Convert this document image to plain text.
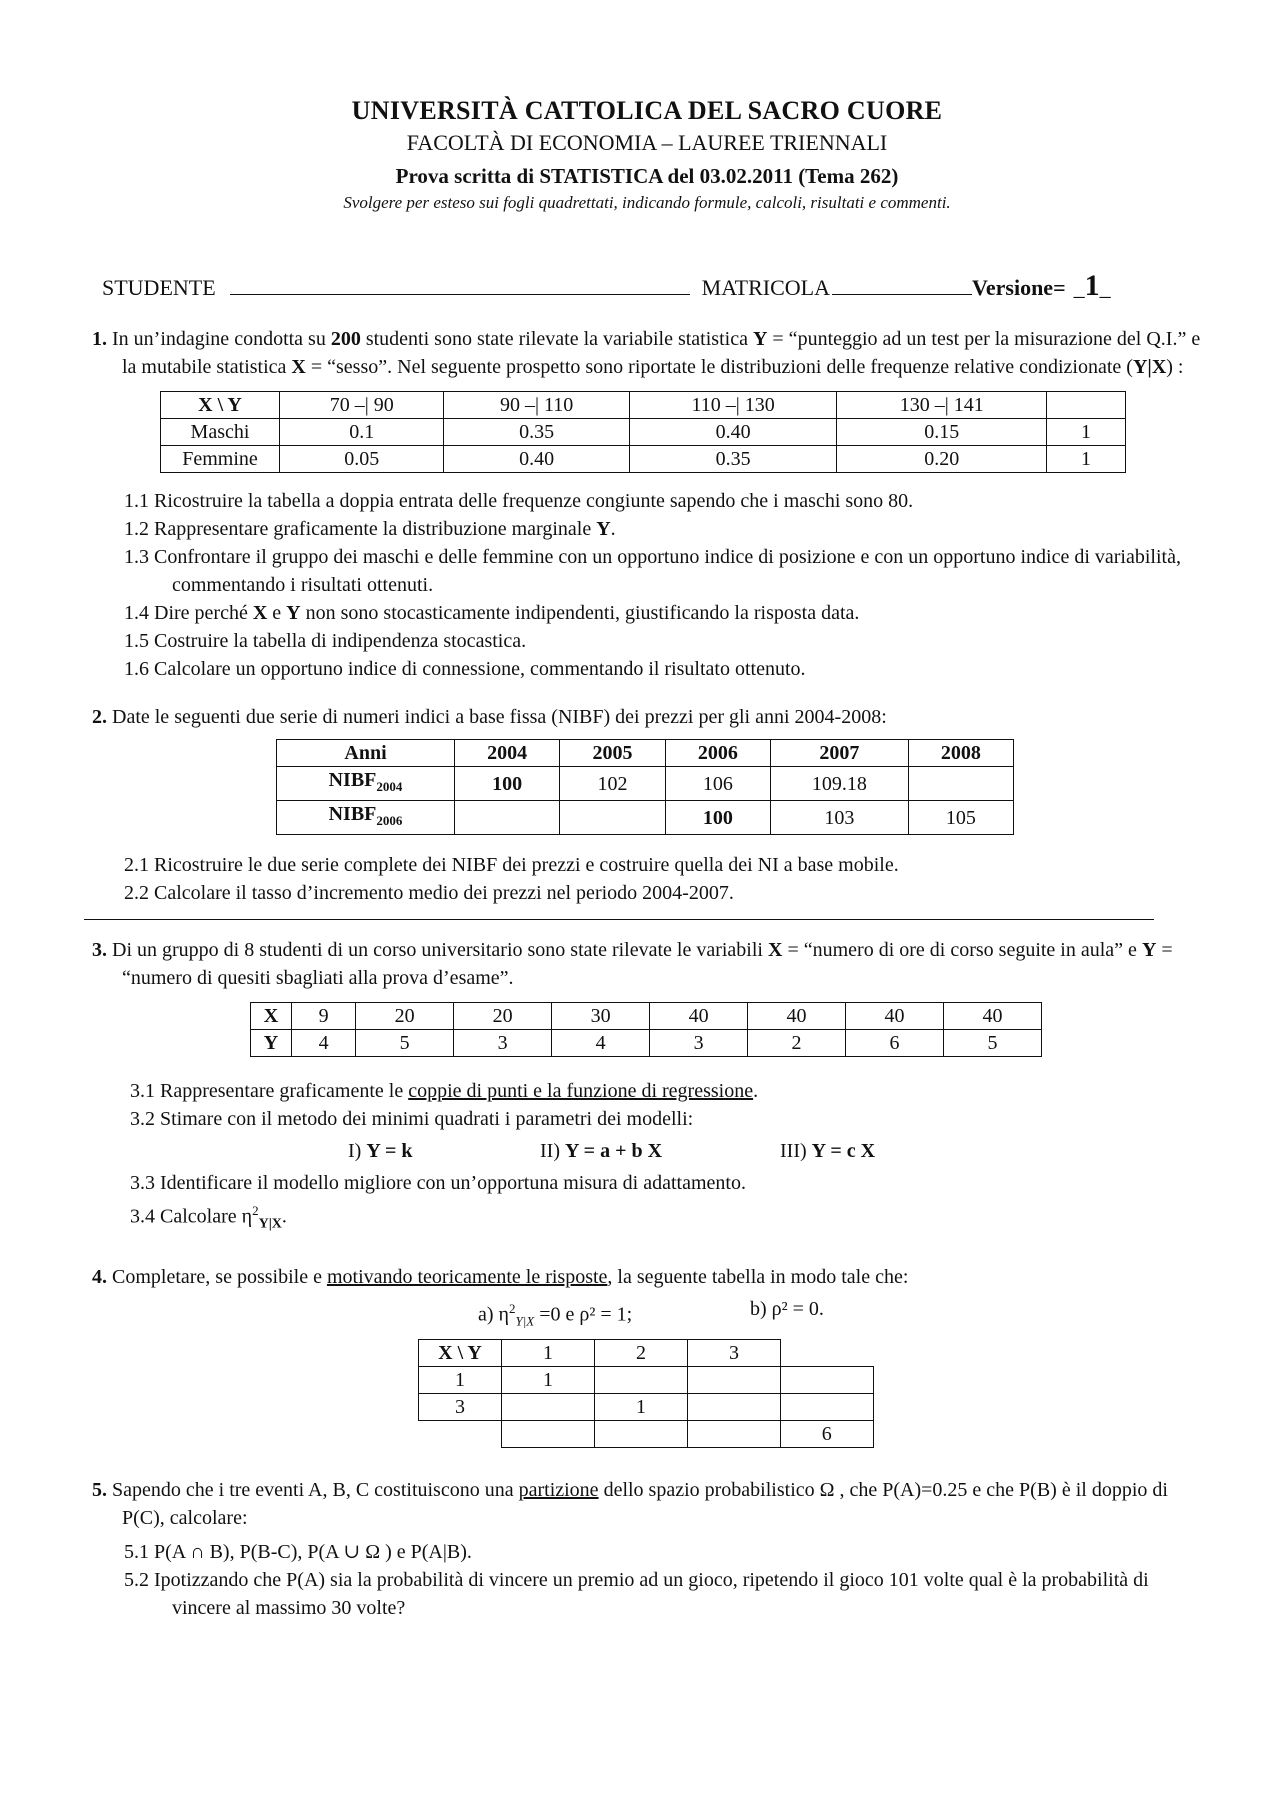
UNIVERSITÀ CATTOLICA DEL SACRO CUORE
FACOLTÀ DI ECONOMIA – LAUREE TRIENNALI
Prova scritta di STATISTICA del 03.02.2011 (Tema 262)
Svolgere per esteso sui fogli quadrettati, indicando formule, calcoli, risultati e commenti.
STUDENTE	MATRICOLA	Versione= _ 1 _
1. In un’indagine condotta su 200 studenti sono state rilevate la variabile statistica Y = “punteggio ad un test per la misurazione del Q.I.” e la mutabile statistica X = “sesso”. Nel seguente prospetto sono riportate le distribuzioni delle frequenze relative condizionate (Y|X) :
X \ Y	70 –| 90	90 –| 110	110 –| 130	130 –| 141	
Maschi	0.1	0.35	0.40	0.15	1
Femmine	0.05	0.40	0.35	0.20	1
1.1 Ricostruire la tabella a doppia entrata delle frequenze congiunte sapendo che i maschi sono 80.
1.2 Rappresentare graficamente la distribuzione marginale Y.
1.3 Confrontare il gruppo dei maschi e delle femmine con un opportuno indice di posizione e con un opportuno indice di variabilità, commentando i risultati ottenuti.
1.4 Dire perché X e Y non sono stocasticamente indipendenti, giustificando la risposta data.
1.5 Costruire la tabella di indipendenza stocastica.
1.6 Calcolare un opportuno indice di connessione, commentando il risultato ottenuto.
2. Date le seguenti due serie di numeri indici a base fissa (NIBF) dei prezzi per gli anni 2004-2008:
Anni	2004	2005	2006	2007	2008
$NIBF_{2004}$	100	102	106	109.18	
$NIBF_{2006}$			100	103	105
2.1 Ricostruire le due serie complete dei NIBF dei prezzi e costruire quella dei NI a base mobile.
2.2 Calcolare il tasso d’incremento medio dei prezzi nel periodo 2004-2007.
3. Di un gruppo di 8 studenti di un corso universitario sono state rilevate le variabili X = “numero di ore di corso seguite in aula” e Y = “numero di quesiti sbagliati alla prova d’esame”.
X	9	20	20	30	40	40	40	40
Y	4	5	3	4	3	2	6	5
3.1 Rappresentare graficamente le coppie di punti e la funzione di regressione.
3.2 Stimare con il metodo dei minimi quadrati i parametri dei modelli:
I) Y = k	II) Y = a + b X	III) Y = c X
3.3 Identificare il modello migliore con un’opportuna misura di adattamento.
3.4 Calcolare $\eta^2_{Y|X}$.
4. Completare, se possibile e motivando teoricamente le risposte, la seguente tabella in modo tale che:
a) $\eta^2_{Y|X} =0$ e ρ² = 1;	b) ρ² = 0.
X \ Y	1	2	3	
1	1			
3		1		
				6
5. Sapendo che i tre eventi A, B, C costituiscono una partizione dello spazio probabilistico Ω , che P(A)=0.25 e che P(B) è il doppio di P(C), calcolare:
5.1 P(A ∩ B), P(B-C), P(A ∪ Ω ) e P(A|B).
5.2 Ipotizzando che P(A) sia la probabilità di vincere un premio ad un gioco, ripetendo il gioco 101 volte qual è la probabilità di vincere al massimo 30 volte?
